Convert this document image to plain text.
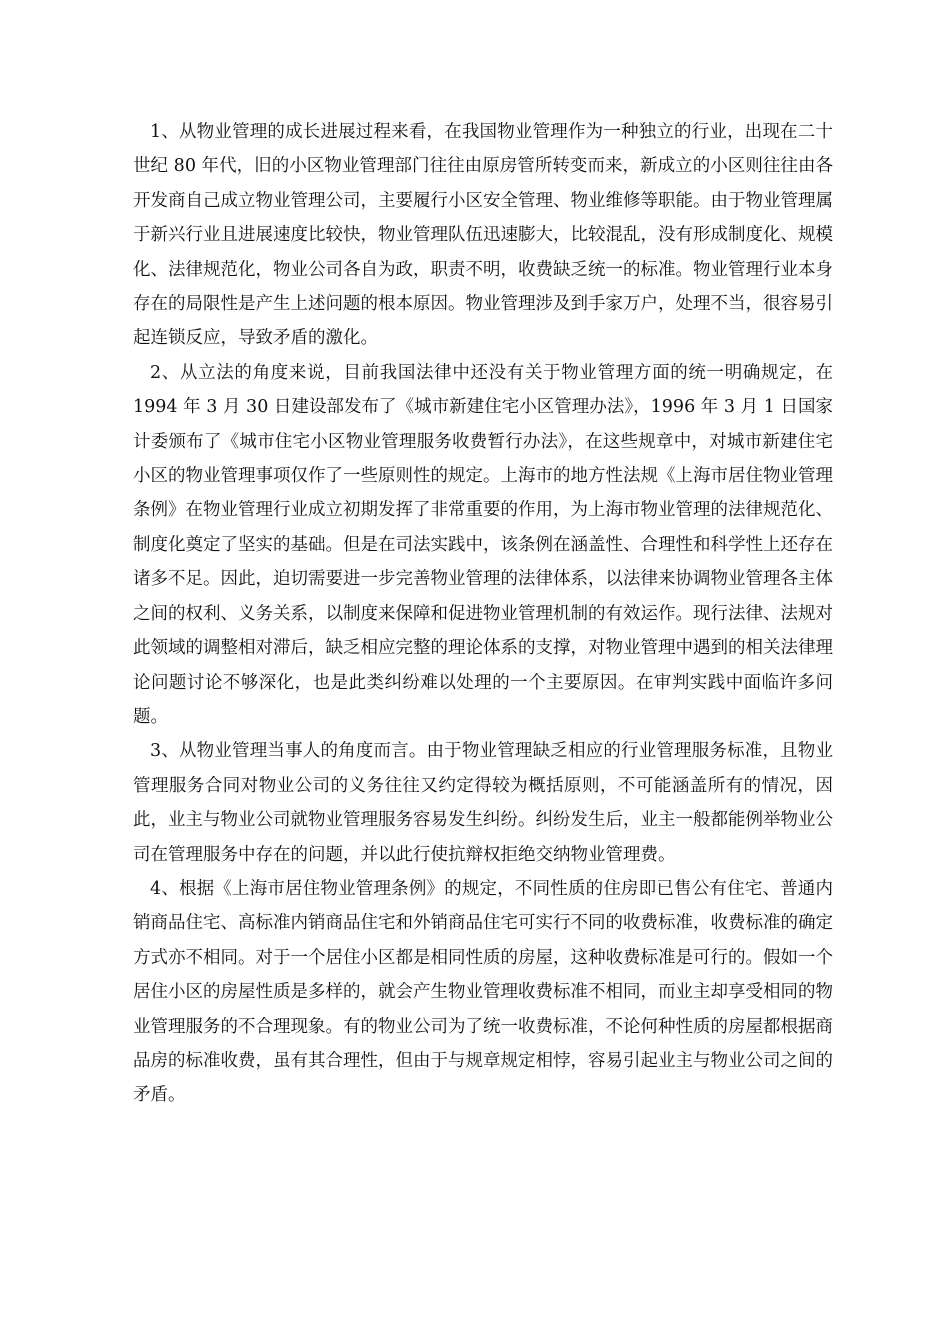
1、从物业管理的成长进展过程来看，在我国物业管理作为一种独立的行业，出现在二十世纪 80 年代，旧的小区物业管理部门往往由原房管所转变而来，新成立的小区则往往由各开发商自己成立物业管理公司，主要履行小区安全管理、物业维修等职能。由于物业管理属于新兴行业且进展速度比较快，物业管理队伍迅速膨大，比较混乱，没有形成制度化、规模化、法律规范化，物业公司各自为政，职责不明，收费缺乏统一的标准。物业管理行业本身存在的局限性是产生上述问题的根本原因。物业管理涉及到手家万户，处理不当，很容易引起连锁反应，导致矛盾的激化。

2、从立法的角度来说，目前我国法律中还没有关于物业管理方面的统一明确规定，在 1994 年 3 月 30 日建设部发布了《城市新建住宅小区管理办法》，1996 年 3 月 1 日国家计委颁布了《城市住宅小区物业管理服务收费暂行办法》，在这些规章中，对城市新建住宅小区的物业管理事项仅作了一些原则性的规定。上海市的地方性法规《上海市居住物业管理条例》在物业管理行业成立初期发挥了非常重要的作用，为上海市物业管理的法律规范化、制度化奠定了坚实的基础。但是在司法实践中，该条例在涵盖性、合理性和科学性上还存在诸多不足。因此，迫切需要进一步完善物业管理的法律体系，以法律来协调物业管理各主体之间的权利、义务关系，以制度来保障和促进物业管理机制的有效运作。现行法律、法规对此领域的调整相对滞后，缺乏相应完整的理论体系的支撑，对物业管理中遇到的相关法律理论问题讨论不够深化，也是此类纠纷难以处理的一个主要原因。在审判实践中面临许多问题。

3、从物业管理当事人的角度而言。由于物业管理缺乏相应的行业管理服务标准，且物业管理服务合同对物业公司的义务往往又约定得较为概括原则，不可能涵盖所有的情况，因此，业主与物业公司就物业管理服务容易发生纠纷。纠纷发生后，业主一般都能例举物业公司在管理服务中存在的问题，并以此行使抗辩权拒绝交纳物业管理费。

4、根据《上海市居住物业管理条例》的规定，不同性质的住房即已售公有住宅、普通内销商品住宅、高标准内销商品住宅和外销商品住宅可实行不同的收费标准，收费标准的确定方式亦不相同。对于一个居住小区都是相同性质的房屋，这种收费标准是可行的。假如一个居住小区的房屋性质是多样的，就会产生物业管理收费标准不相同，而业主却享受相同的物业管理服务的不合理现象。有的物业公司为了统一收费标准，不论何种性质的房屋都根据商品房的标准收费，虽有其合理性，但由于与规章规定相悖，容易引起业主与物业公司之间的矛盾。
